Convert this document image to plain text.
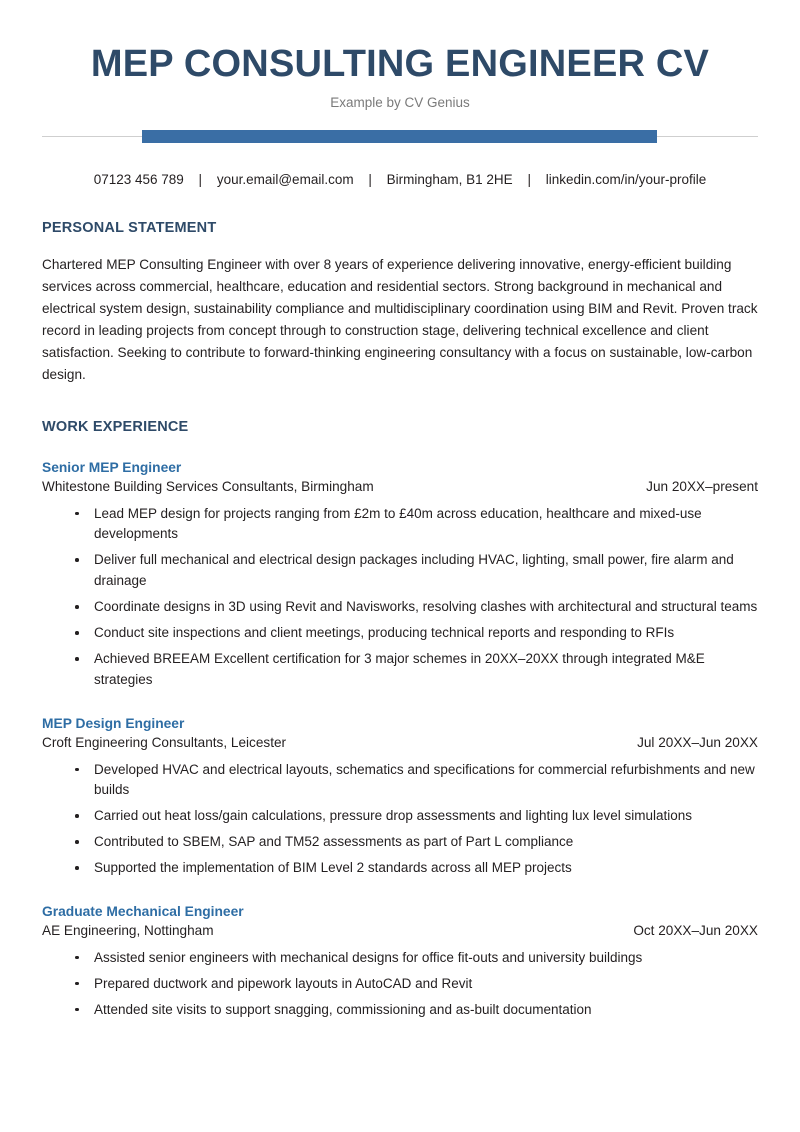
MEP CONSULTING ENGINEER CV
Example by CV Genius
07123 456 789 | your.email@email.com | Birmingham, B1 2HE | linkedin.com/in/your-profile
PERSONAL STATEMENT
Chartered MEP Consulting Engineer with over 8 years of experience delivering innovative, energy-efficient building services across commercial, healthcare, education and residential sectors. Strong background in mechanical and electrical system design, sustainability compliance and multidisciplinary coordination using BIM and Revit. Proven track record in leading projects from concept through to construction stage, delivering technical excellence and client satisfaction. Seeking to contribute to forward-thinking engineering consultancy with a focus on sustainable, low-carbon design.
WORK EXPERIENCE
Senior MEP Engineer
Whitestone Building Services Consultants, Birmingham	Jun 20XX–present
Lead MEP design for projects ranging from £2m to £40m across education, healthcare and mixed-use developments
Deliver full mechanical and electrical design packages including HVAC, lighting, small power, fire alarm and drainage
Coordinate designs in 3D using Revit and Navisworks, resolving clashes with architectural and structural teams
Conduct site inspections and client meetings, producing technical reports and responding to RFIs
Achieved BREEAM Excellent certification for 3 major schemes in 20XX–20XX through integrated M&E strategies
MEP Design Engineer
Croft Engineering Consultants, Leicester	Jul 20XX–Jun 20XX
Developed HVAC and electrical layouts, schematics and specifications for commercial refurbishments and new builds
Carried out heat loss/gain calculations, pressure drop assessments and lighting lux level simulations
Contributed to SBEM, SAP and TM52 assessments as part of Part L compliance
Supported the implementation of BIM Level 2 standards across all MEP projects
Graduate Mechanical Engineer
AE Engineering, Nottingham	Oct 20XX–Jun 20XX
Assisted senior engineers with mechanical designs for office fit-outs and university buildings
Prepared ductwork and pipework layouts in AutoCAD and Revit
Attended site visits to support snagging, commissioning and as-built documentation
